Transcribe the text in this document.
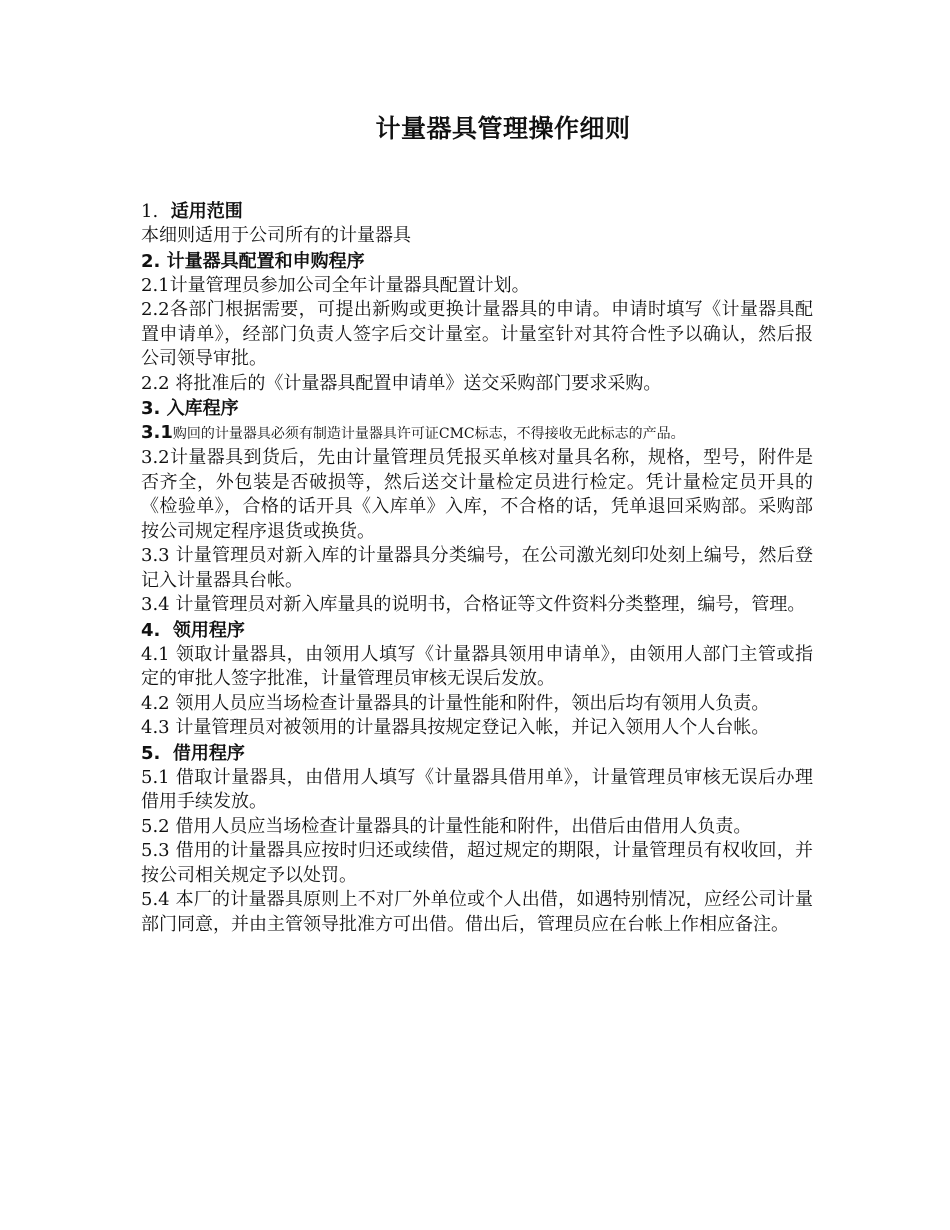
计量器具管理操作细则

1. 适用范围

本细则适用于公司所有的计量器具

2. 计量器具配置和申购程序

2.1计量管理员参加公司全年计量器具配置计划。

2.2各部门根据需要，可提出新购或更换计量器具的申请。申请时填写《计量器具配置申请单》，经部门负责人签字后交计量室。计量室针对其符合性予以确认，然后报公司领导审批。

2.2 将批准后的《计量器具配置申请单》送交采购部门要求采购。

3. 入库程序

3.1购回的计量器具必须有制造计量器具许可证CMC标志，不得接收无此标志的产品。

3.2计量器具到货后，先由计量管理员凭报买单核对量具名称，规格，型号，附件是否齐全，外包装是否破损等，然后送交计量检定员进行检定。凭计量检定员开具的《检验单》，合格的话开具《入库单》入库，不合格的话，凭单退回采购部。采购部按公司规定程序退货或换货。

3.3 计量管理员对新入库的计量器具分类编号，在公司激光刻印处刻上编号，然后登记入计量器具台帐。

3.4 计量管理员对新入库量具的说明书，合格证等文件资料分类整理，编号，管理。

4.  领用程序

4.1 领取计量器具，由领用人填写《计量器具领用申请单》，由领用人部门主管或指定的审批人签字批准，计量管理员审核无误后发放。

4.2 领用人员应当场检查计量器具的计量性能和附件，领出后均有领用人负责。

4.3 计量管理员对被领用的计量器具按规定登记入帐，并记入领用人个人台帐。

5.  借用程序

5.1 借取计量器具，由借用人填写《计量器具借用单》，计量管理员审核无误后办理借用手续发放。

5.2 借用人员应当场检查计量器具的计量性能和附件，出借后由借用人负责。

5.3 借用的计量器具应按时归还或续借，超过规定的期限，计量管理员有权收回，并按公司相关规定予以处罚。

5.4 本厂的计量器具原则上不对厂外单位或个人出借，如遇特别情况，应经公司计量部门同意，并由主管领导批准方可出借。借出后，管理员应在台帐上作相应备注。
